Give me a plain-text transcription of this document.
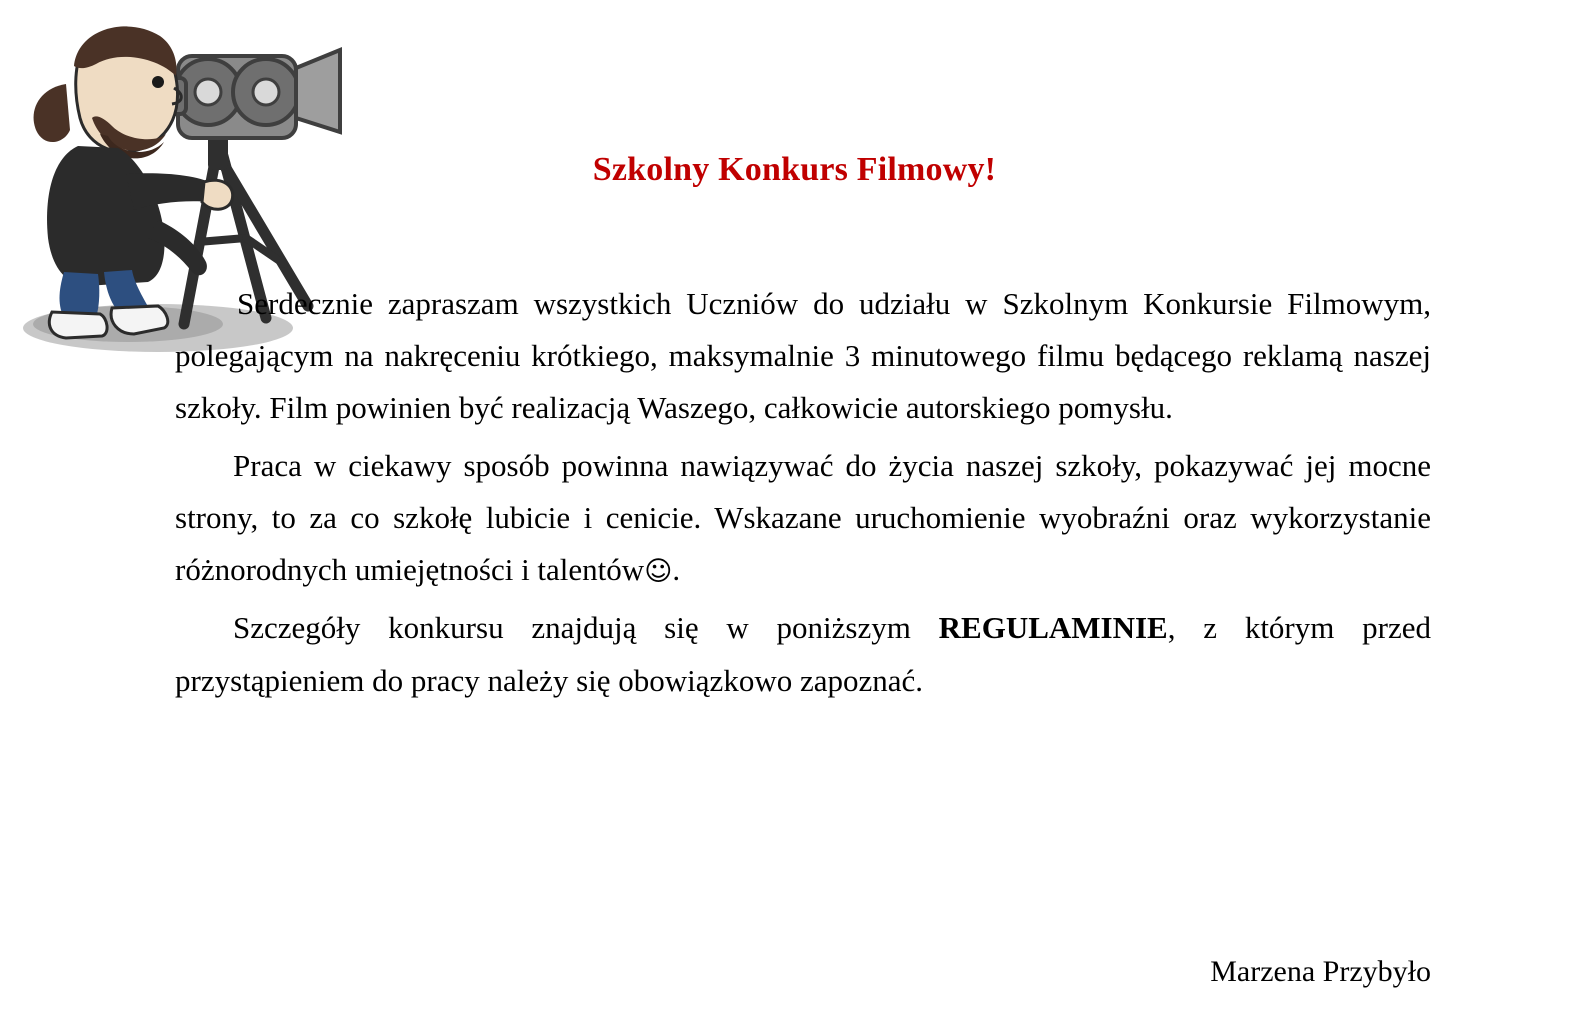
Szkolny Konkurs Filmowy!

Serdecznie zapraszam wszystkich Uczniów do udziału w Szkolnym Konkursie Filmowym, polegającym na nakręceniu krótkiego, maksymalnie 3 minutowego filmu będącego reklamą naszej szkoły. Film powinien być realizacją Waszego, całkowicie autorskiego pomysłu.

Praca w ciekawy sposób powinna nawiązywać do życia naszej szkoły, pokazywać jej mocne strony, to za co szkołę lubicie i cenicie. Wskazane uruchomienie wyobraźni oraz wykorzystanie różnorodnych umiejętności i talentów☺.

Szczegóły konkursu znajdują się w poniższym REGULAMINIE, z którym przed przystąpieniem do pracy należy się obowiązkowo zapoznać.

Marzena Przybyło
